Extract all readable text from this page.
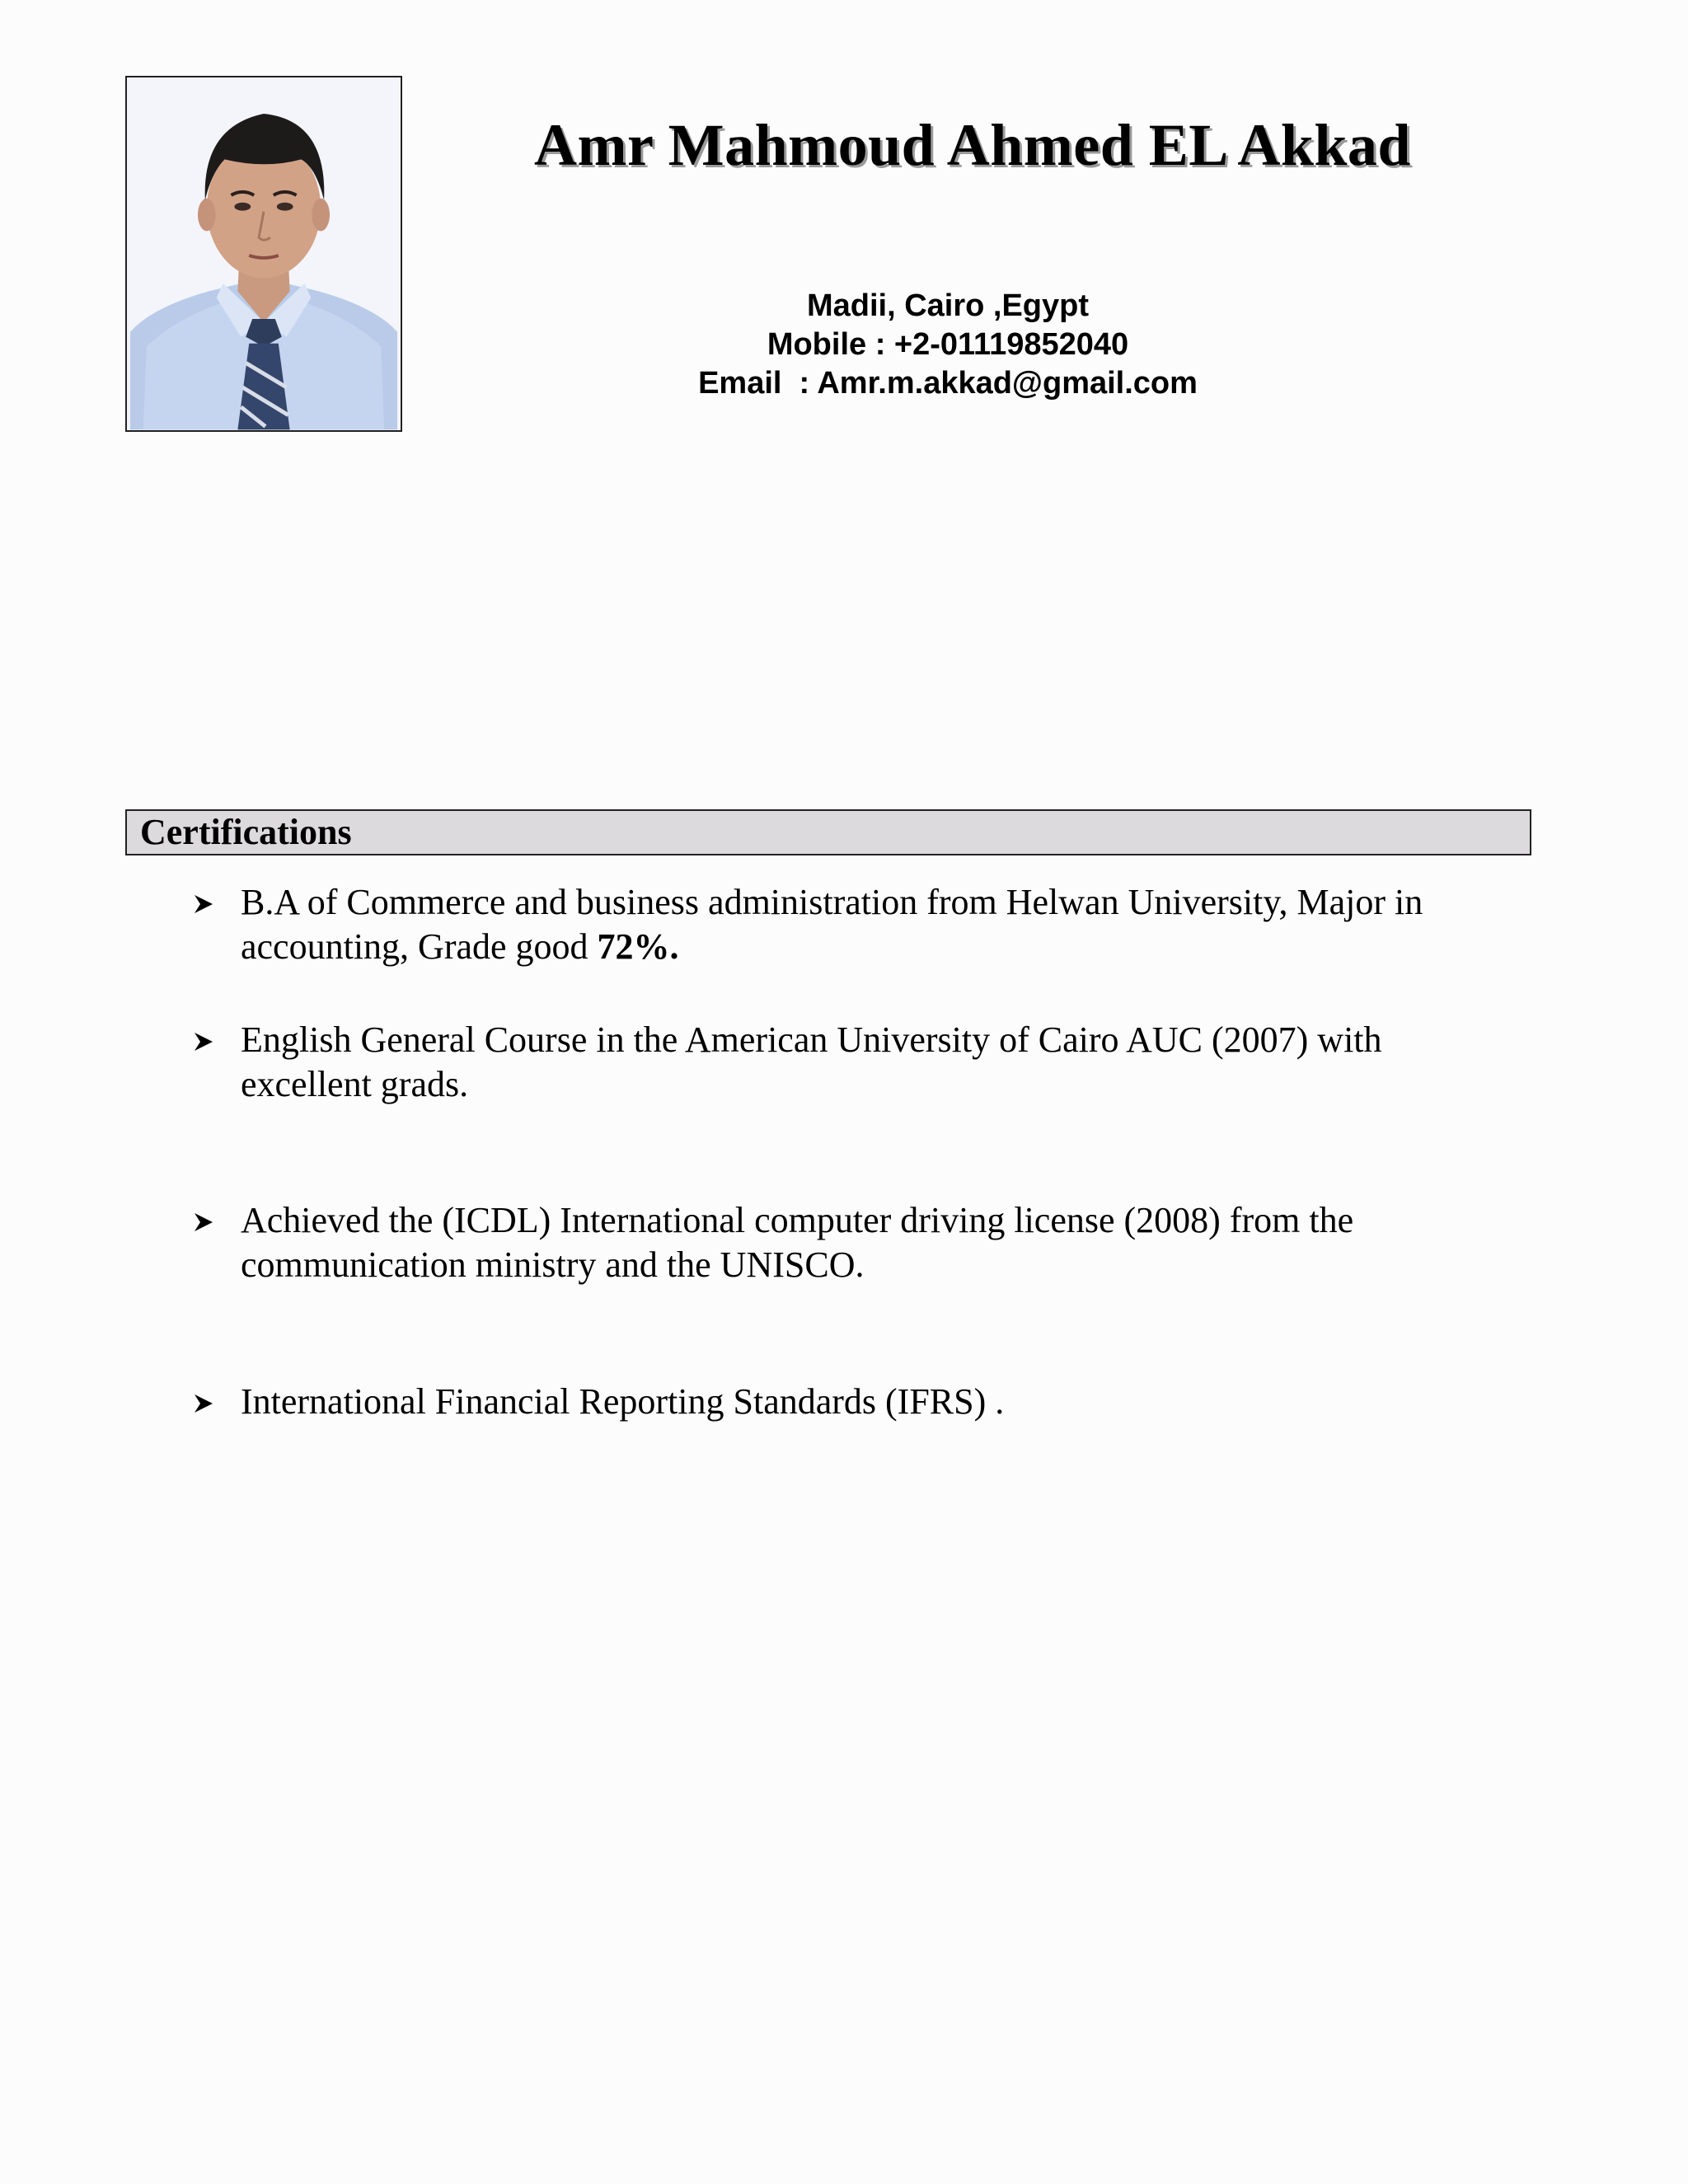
Amr Mahmoud Ahmed EL Akkad
Madii, Cairo ,Egypt
Mobile : +2-01119852040
Email  : Amr.m.akkad@gmail.com
Certifications
B.A of Commerce and business administration from Helwan University, Major in
accounting, Grade good 72%.
English General Course in the American University of Cairo AUC (2007) with
excellent grads.
Achieved the (ICDL) International computer driving license (2008) from the
communication ministry and the UNISCO.
International Financial Reporting Standards (IFRS) .
